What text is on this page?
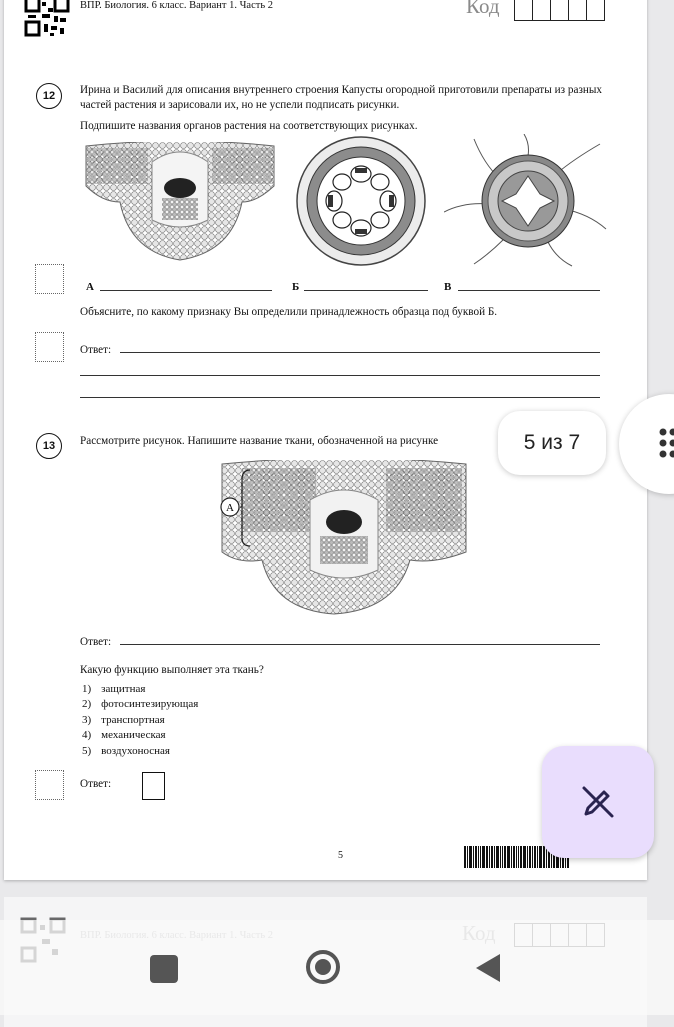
ВПР. Биология. 6 класс. Вариант 1. Часть 2	Код
12	Ирина и Василий для описания внутреннего строения Капусты огородной приготовили препараты из разных частей растения и зарисовали их, но не успели подписать рисунки.
Подпишите названия органов растения на соответствующих рисунках.
А	Б	В
Объясните, по какому признаку Вы определили принадлежность образца под буквой Б.
Ответ:
13	Рассмотрите рисунок. Напишите название ткани, обозначенной на рисунке
A
Ответ:
Какую функцию выполняет эта ткань?
1) защитная
2) фотосинтезирующая
3) транспортная
4) механическая
5) воздухоносная
Ответ:
5
5 из 7
